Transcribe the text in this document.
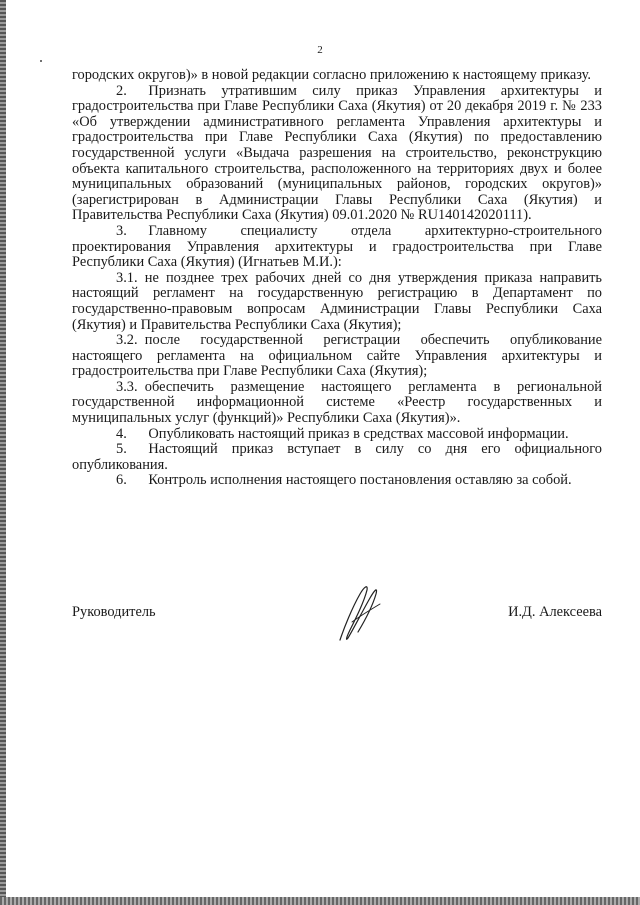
2

городских округов)» в новой редакции согласно приложению к настоящему приказу.

2.  Признать утратившим силу приказ Управления архитектуры и градостроительства при Главе Республики Саха (Якутия) от 20 декабря 2019 г. № 233 «Об утверждении административного регламента Управления архитектуры и градостроительства при Главе Республики Саха (Якутия) по предоставлению государственной услуги «Выдача разрешения на строительство, реконструкцию объекта капитального строительства, расположенного на территориях двух и более муниципальных образований (муниципальных районов, городских округов)» (зарегистрирован в Администрации Главы Республики Саха (Якутия) и Правительства Республики Саха (Якутия) 09.01.2020 № RU140142020111).

3.  Главному специалисту отдела архитектурно-строительного проектирования Управления архитектуры и градостроительства при Главе Республики Саха (Якутия) (Игнатьев М.И.):

3.1. не позднее трех рабочих дней со дня утверждения приказа направить настоящий регламент на государственную регистрацию в Департамент по государственно-правовым вопросам Администрации Главы Республики Саха (Якутия) и Правительства Республики Саха (Якутия);

3.2. после государственной регистрации обеспечить опубликование настоящего регламента на официальном сайте Управления архитектуры и градостроительства при Главе Республики Саха (Якутия);

3.3. обеспечить размещение настоящего регламента в региональной государственной информационной системе «Реестр государственных и муниципальных услуг (функций)» Республики Саха (Якутия)».

4.  Опубликовать настоящий приказ в средствах массовой информации.

5.  Настоящий приказ вступает в силу со дня его официального опубликования.

6.  Контроль исполнения настоящего постановления оставляю за собой.

Руководитель	И.Д. Алексеева
